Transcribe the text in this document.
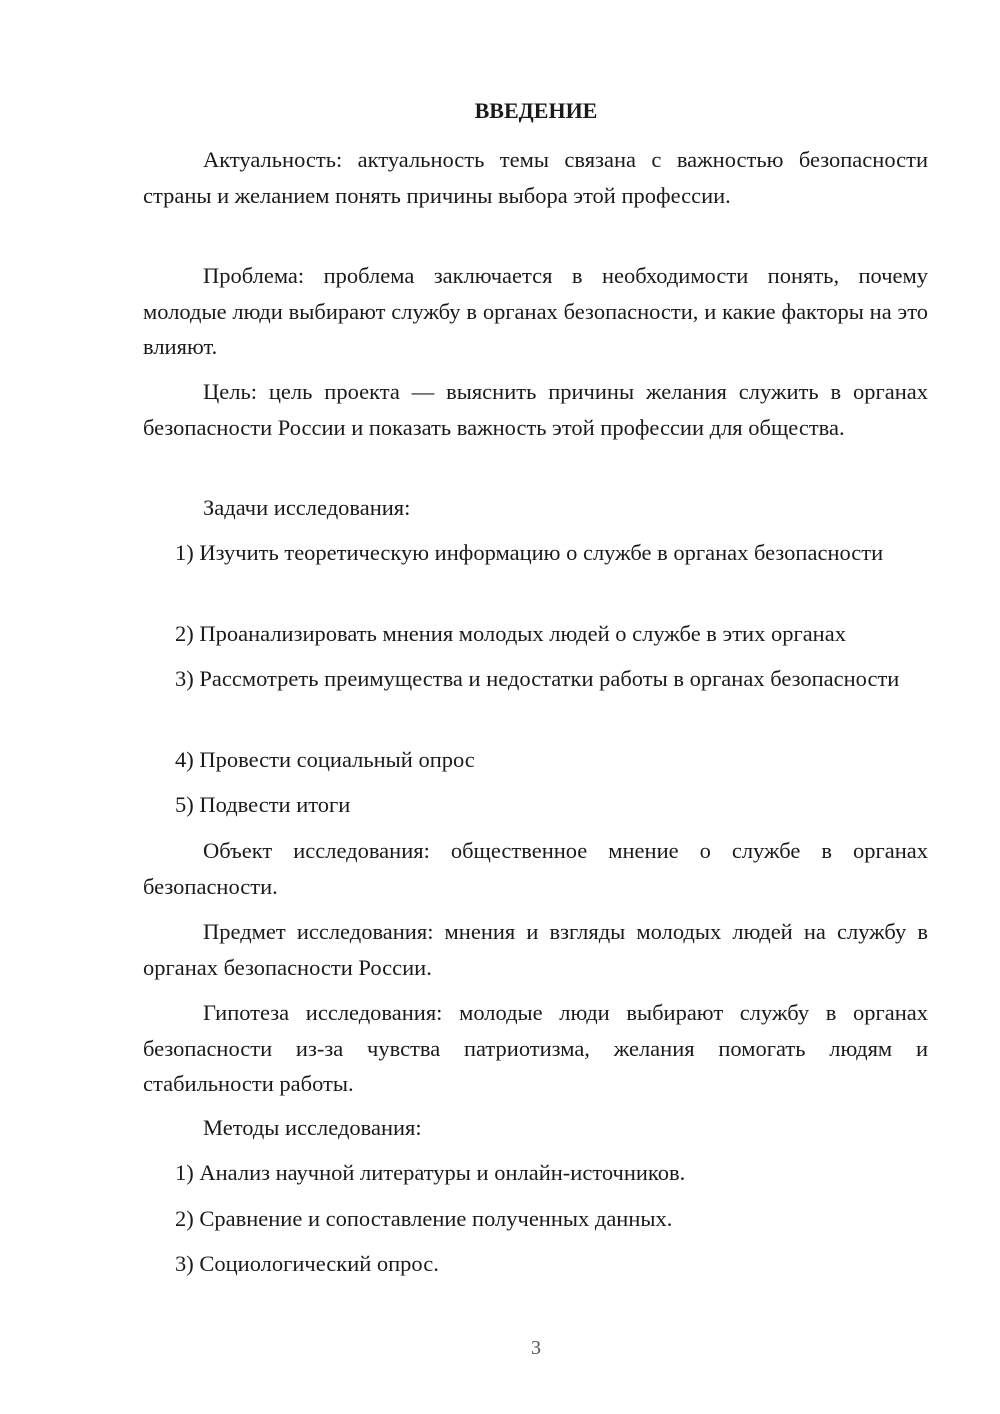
ВВЕДЕНИЕ

Актуальность: актуальность темы связана с важностью безопасности страны и желанием понять причины выбора этой профессии.

Проблема: проблема заключается в необходимости понять, почему молодые люди выбирают службу в органах безопасности, и какие факторы на это влияют.

Цель: цель проекта — выяснить причины желания служить в органах безопасности России и показать важность этой профессии для общества.

Задачи исследования:

1) Изучить теоретическую информацию о службе в органах безопасности

2) Проанализировать мнения молодых людей о службе в этих органах

3) Рассмотреть преимущества и недостатки работы в органах безопасности

4) Провести социальный опрос

5) Подвести итоги

Объект исследования: общественное мнение о службе в органах безопасности.

Предмет исследования: мнения и взгляды молодых людей на службу в органах безопасности России.

Гипотеза исследования: молодые люди выбирают службу в органах безопасности из-за чувства патриотизма, желания помогать людям и стабильности работы.

Методы исследования:

1) Анализ научной литературы и онлайн-источников.

2) Сравнение и сопоставление полученных данных.

3) Социологический опрос.

3
